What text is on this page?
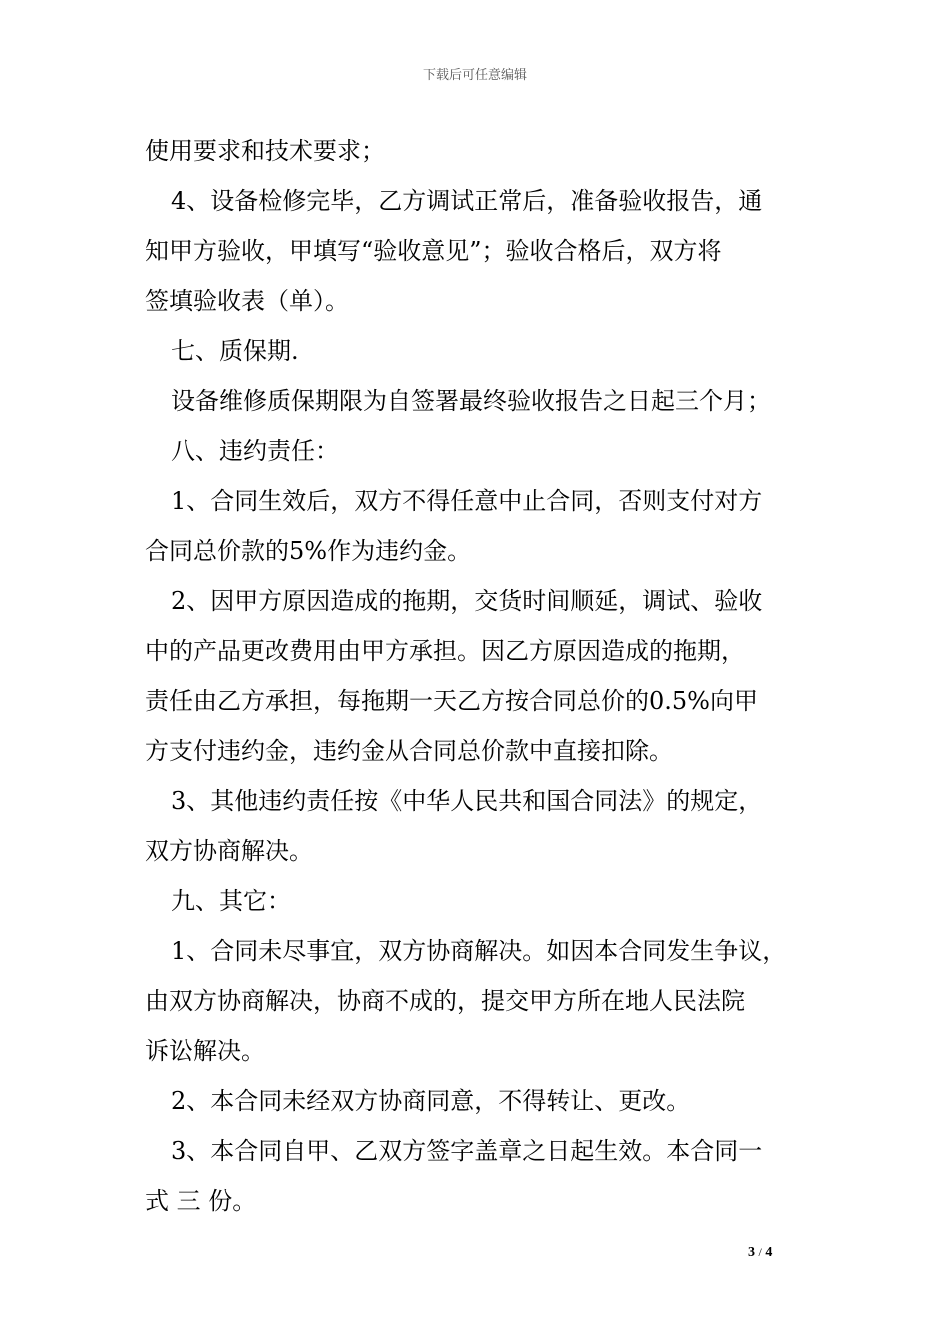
下载后可任意编辑
使用要求和技术要求；
4、设备检修完毕，乙方调试正常后，准备验收报告，通
知甲方验收，甲填写“验收意见”；验收合格后，双方将
签填验收表（单）。
七、质保期.
设备维修质保期限为自签署最终验收报告之日起三个月；
八、违约责任：
1、合同生效后，双方不得任意中止合同，否则支付对方
合同总价款的5%作为违约金。
2、因甲方原因造成的拖期，交货时间顺延，调试、验收
中的产品更改费用由甲方承担。因乙方原因造成的拖期，
责任由乙方承担，每拖期一天乙方按合同总价的0.5%向甲
方支付违约金，违约金从合同总价款中直接扣除。
3、其他违约责任按《中华人民共和国合同法》的规定，
双方协商解决。
九、其它：
1、合同未尽事宜，双方协商解决。如因本合同发生争议，
由双方协商解决，协商不成的，提交甲方所在地人民法院
诉讼解决。
2、本合同未经双方协商同意，不得转让、更改。
3、本合同自甲、乙双方签字盖章之日起生效。本合同一
式 三 份。
3 / 4
